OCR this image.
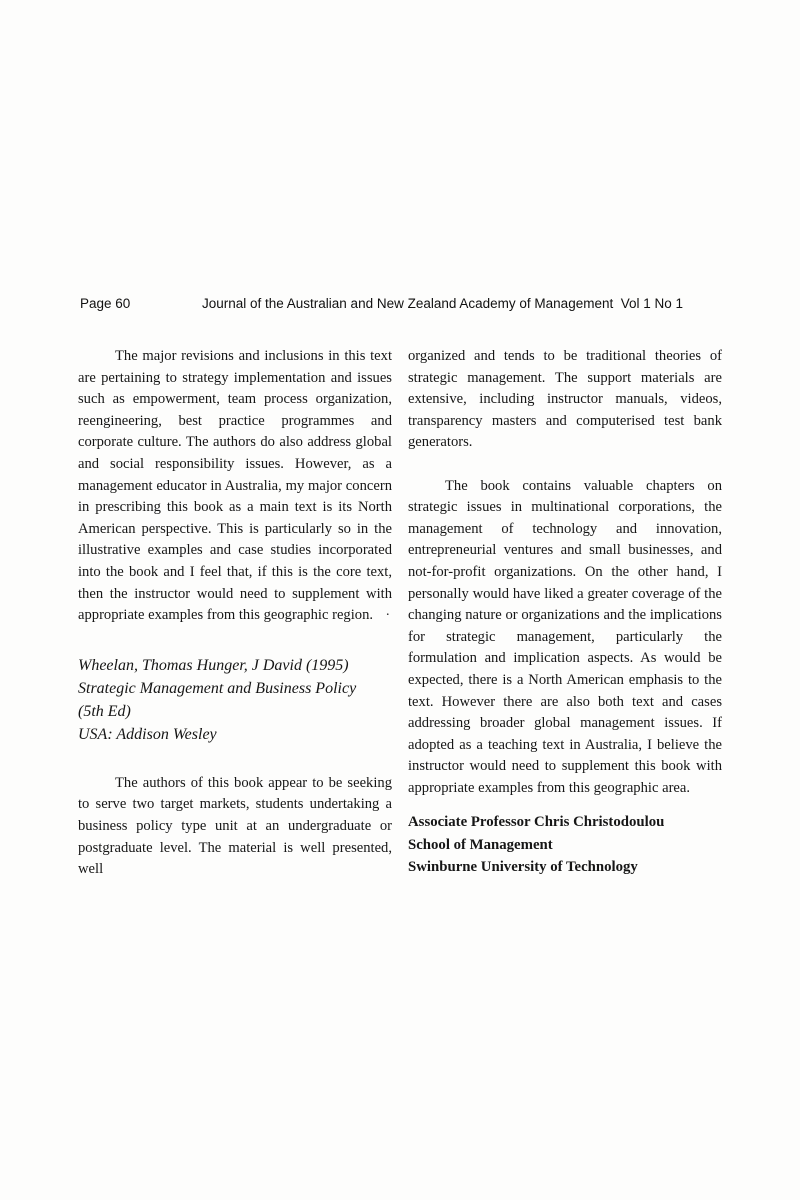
Page 60	Journal of the Australian and New Zealand Academy of Management  Vol 1 No 1

The major revisions and inclusions in this text are pertaining to strategy implementation and issues such as empowerment, team process organization, reengineering, best practice programmes and corporate culture. The authors do also address global and social responsibility issues. However, as a management educator in Australia, my major concern in prescribing this book as a main text is its North American perspective. This is particularly so in the illustrative examples and case studies incorporated into the book and I feel that, if this is the core text, then the instructor would need to supplement with appropriate examples from this geographic region.

Wheelan, Thomas Hunger, J David (1995)
Strategic Management and Business Policy
(5th Ed)
USA: Addison Wesley

The authors of this book appear to be seeking to serve two target markets, students undertaking a business policy type unit at an undergraduate or postgraduate level. The material is well presented, well

organized and tends to be traditional theories of strategic management. The support materials are extensive, including instructor manuals, videos, transparency masters and computerised test bank generators.

The book contains valuable chapters on strategic issues in multinational corporations, the management of technology and innovation, entrepreneurial ventures and small businesses, and not-for-profit organizations. On the other hand, I personally would have liked a greater coverage of the changing nature or organizations and the implications for strategic management, particularly the formulation and implication aspects. As would be expected, there is a North American emphasis to the text. However there are also both text and cases addressing broader global management issues. If adopted as a teaching text in Australia, I believe the instructor would need to supplement this book with appropriate examples from this geographic area.

Associate Professor Chris Christodoulou
School of Management
Swinburne University of Technology
.
